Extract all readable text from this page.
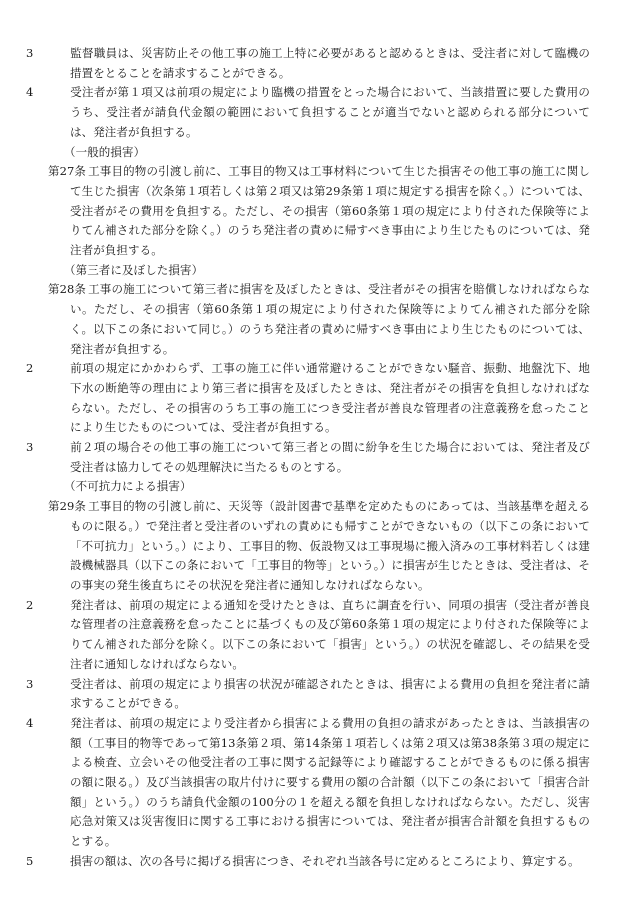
3	監督職員は、災害防止その他工事の施工上特に必要があると認めるときは、受注者に対して臨機の措置をとることを請求することができる。

4	受注者が第１項又は前項の規定により臨機の措置をとった場合において、当該措置に要した費用のうち、受注者が請負代金額の範囲において負担することが適当でないと認められる部分については、発注者が負担する。

（一般的損害）

第27条 工事目的物の引渡し前に、工事目的物又は工事材料について生じた損害その他工事の施工に関して生じた損害（次条第１項若しくは第２項又は第29条第１項に規定する損害を除く。）については、受注者がその費用を負担する。ただし、その損害（第60条第１項の規定により付された保険等によりてん補された部分を除く。）のうち発注者の責めに帰すべき事由により生じたものについては、発注者が負担する。

（第三者に及ぼした損害）

第28条 工事の施工について第三者に損害を及ぼしたときは、受注者がその損害を賠償しなければならない。ただし、その損害（第60条第１項の規定により付された保険等によりてん補された部分を除く。以下この条において同じ。）のうち発注者の責めに帰すべき事由により生じたものについては、発注者が負担する。

2	前項の規定にかかわらず、工事の施工に伴い通常避けることができない騒音、振動、地盤沈下、地下水の断絶等の理由により第三者に損害を及ぼしたときは、発注者がその損害を負担しなければならない。ただし、その損害のうち工事の施工につき受注者が善良な管理者の注意義務を怠ったことにより生じたものについては、受注者が負担する。

3	前２項の場合その他工事の施工について第三者との間に紛争を生じた場合においては、発注者及び受注者は協力してその処理解決に当たるものとする。

（不可抗力による損害）

第29条 工事目的物の引渡し前に、天災等（設計図書で基準を定めたものにあっては、当該基準を超えるものに限る。）で発注者と受注者のいずれの責めにも帰すことができないもの（以下この条において「不可抗力」という。）により、工事目的物、仮設物又は工事現場に搬入済みの工事材料若しくは建設機械器具（以下この条において「工事目的物等」という。）に損害が生じたときは、受注者は、その事実の発生後直ちにその状況を発注者に通知しなければならない。

2	発注者は、前項の規定による通知を受けたときは、直ちに調査を行い、同項の損害（受注者が善良な管理者の注意義務を怠ったことに基づくもの及び第60条第１項の規定により付された保険等によりてん補された部分を除く。以下この条において「損害」という。）の状況を確認し、その結果を受注者に通知しなければならない。

3	受注者は、前項の規定により損害の状況が確認されたときは、損害による費用の負担を発注者に請求することができる。

4	発注者は、前項の規定により受注者から損害による費用の負担の請求があったときは、当該損害の額（工事目的物等であって第13条第２項、第14条第１項若しくは第２項又は第38条第３項の規定による検査、立会いその他受注者の工事に関する記録等により確認することができるものに係る損害の額に限る。）及び当該損害の取片付けに要する費用の額の合計額（以下この条において「損害合計額」という。）のうち請負代金額の100分の１を超える額を負担しなければならない。ただし、災害応急対策又は災害復旧に関する工事における損害については、発注者が損害合計額を負担するものとする。

5	損害の額は、次の各号に掲げる損害につき、それぞれ当該各号に定めるところにより、算定する。
